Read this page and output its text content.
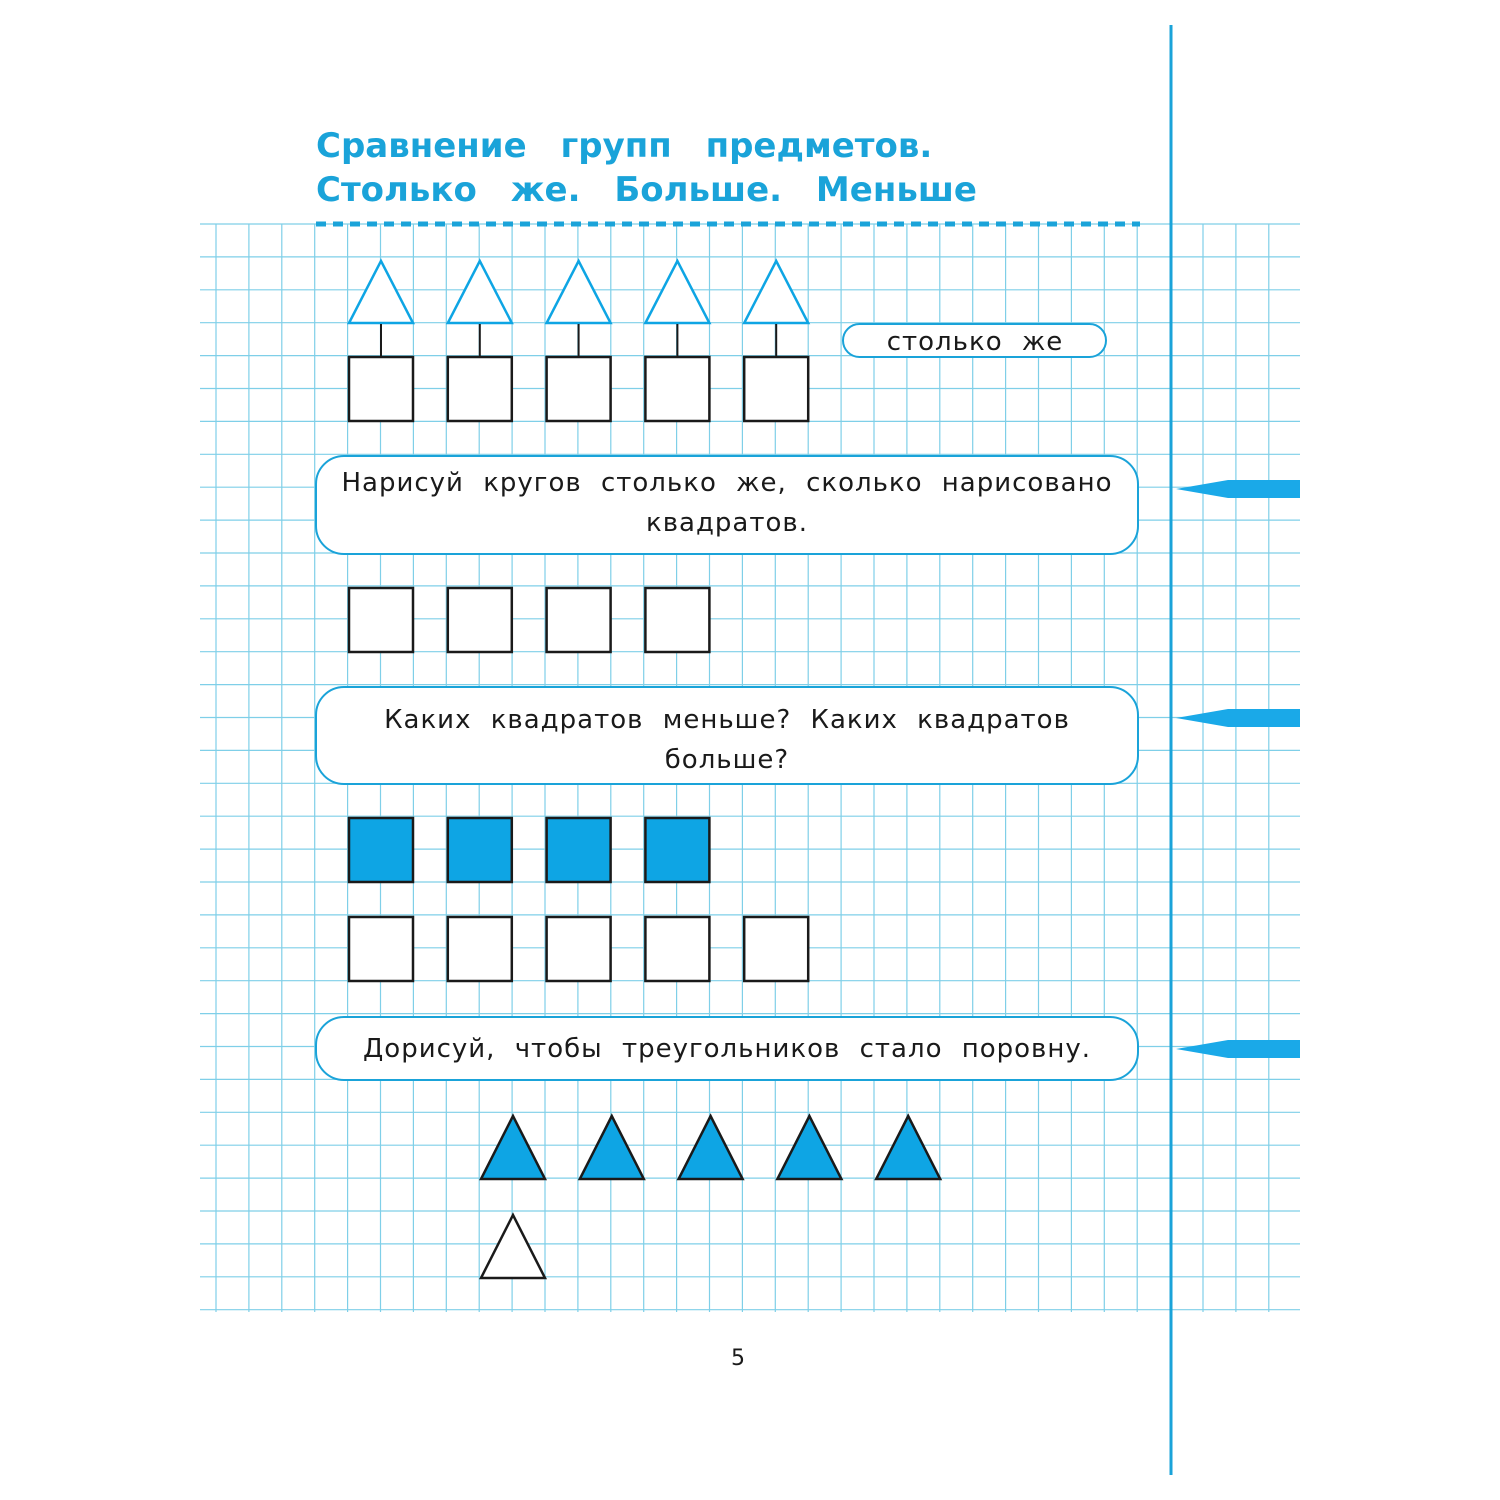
Сравнение групп предметов.
Столько же. Больше. Меньше
столько же
Нарисуй кругов столько же, сколько нарисовано квадратов.
Каких квадратов меньше? Каких квадратов больше?
Дорисуй, чтобы треугольников стало поровну.
5
